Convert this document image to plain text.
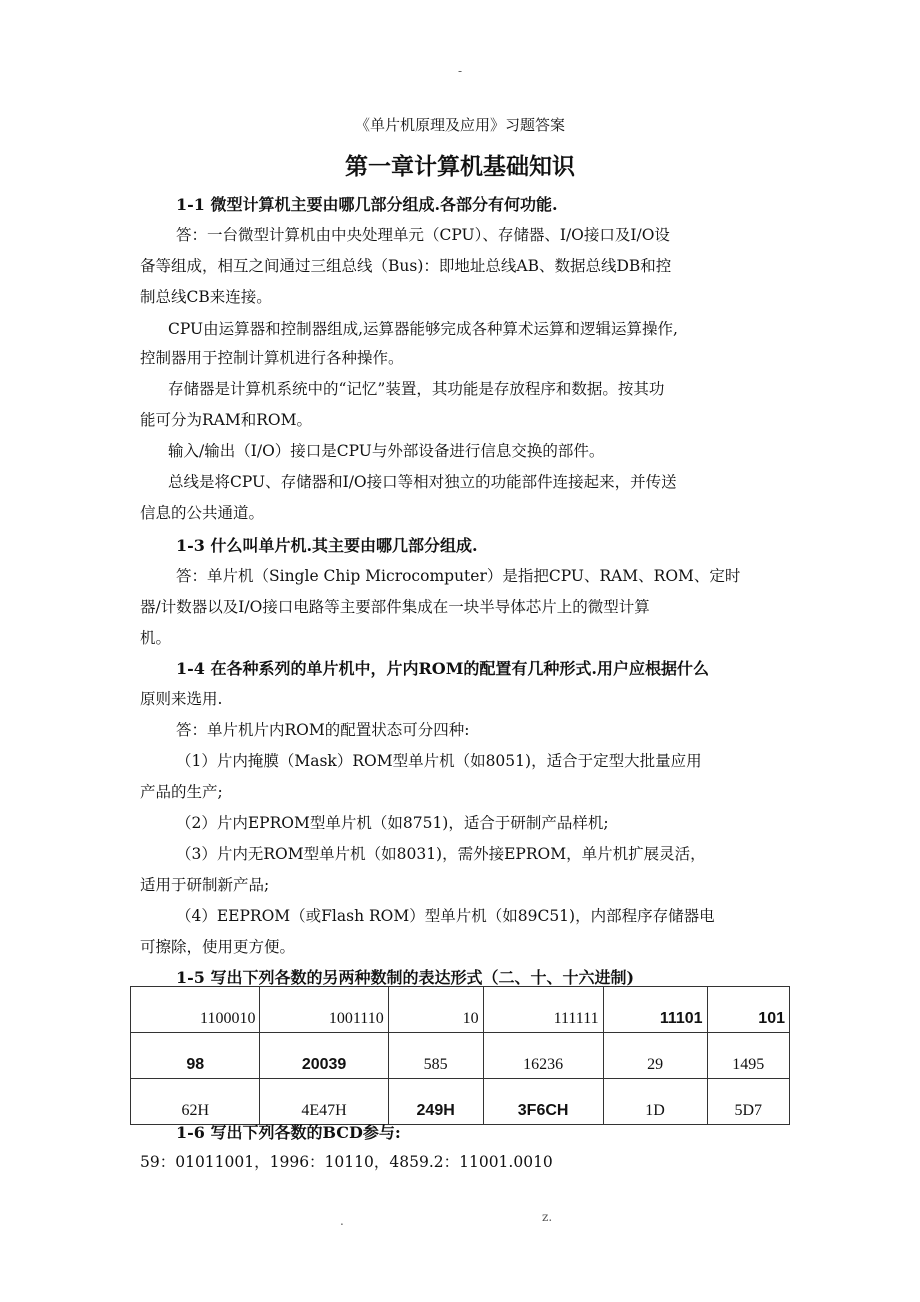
-
《单片机原理及应用》习题答案
第一章计算机基础知识
1-1 微型计算机主要由哪几部分组成.各部分有何功能.
答：一台微型计算机由中央处理单元（CPU）、存储器、I/O接口及I/O设
备等组成，相互之间通过三组总线（Bus)：即地址总线AB、数据总线DB和控
制总线CB来连接。
CPU由运算器和控制器组成,运算器能够完成各种算术运算和逻辑运算操作,
控制器用于控制计算机进行各种操作。
存储器是计算机系统中的“记忆”装置，其功能是存放程序和数据。按其功
能可分为RAM和ROM。
输入/输出（I/O）接口是CPU与外部设备进行信息交换的部件。
总线是将CPU、存储器和I/O接口等相对独立的功能部件连接起来，并传送
信息的公共通道。
1-3 什么叫单片机.其主要由哪几部分组成.
答：单片机（Single Chip Microcomputer）是指把CPU、RAM、ROM、定时
器/计数器以及I/O接口电路等主要部件集成在一块半导体芯片上的微型计算
机。
1-4 在各种系列的单片机中，片内ROM的配置有几种形式.用户应根据什么
原则来选用.
答：单片机片内ROM的配置状态可分四种:
（1）片内掩膜（Mask）ROM型单片机（如8051)，适合于定型大批量应用
产品的生产;
（2）片内EPROM型单片机（如8751)，适合于研制产品样机;
（3）片内无ROM型单片机（如8031)，需外接EPROM，单片机扩展灵活，
适用于研制新产品;
（4）EEPROM（或Flash ROM）型单片机（如89C51)，内部程序存储器电
可擦除，使用更方便。
1-5 写出下列各数的另两种数制的表达形式（二、十、十六进制)
1100010	1001110	10	111111	11101	101
98	20039	585	16236	29	1495
62H	4E47H	249H	3F6CH	1D	5D7
1-6 写出下列各数的BCD参与:
59：01011001，1996：10110，4859.2：11001.0010
.	z.
